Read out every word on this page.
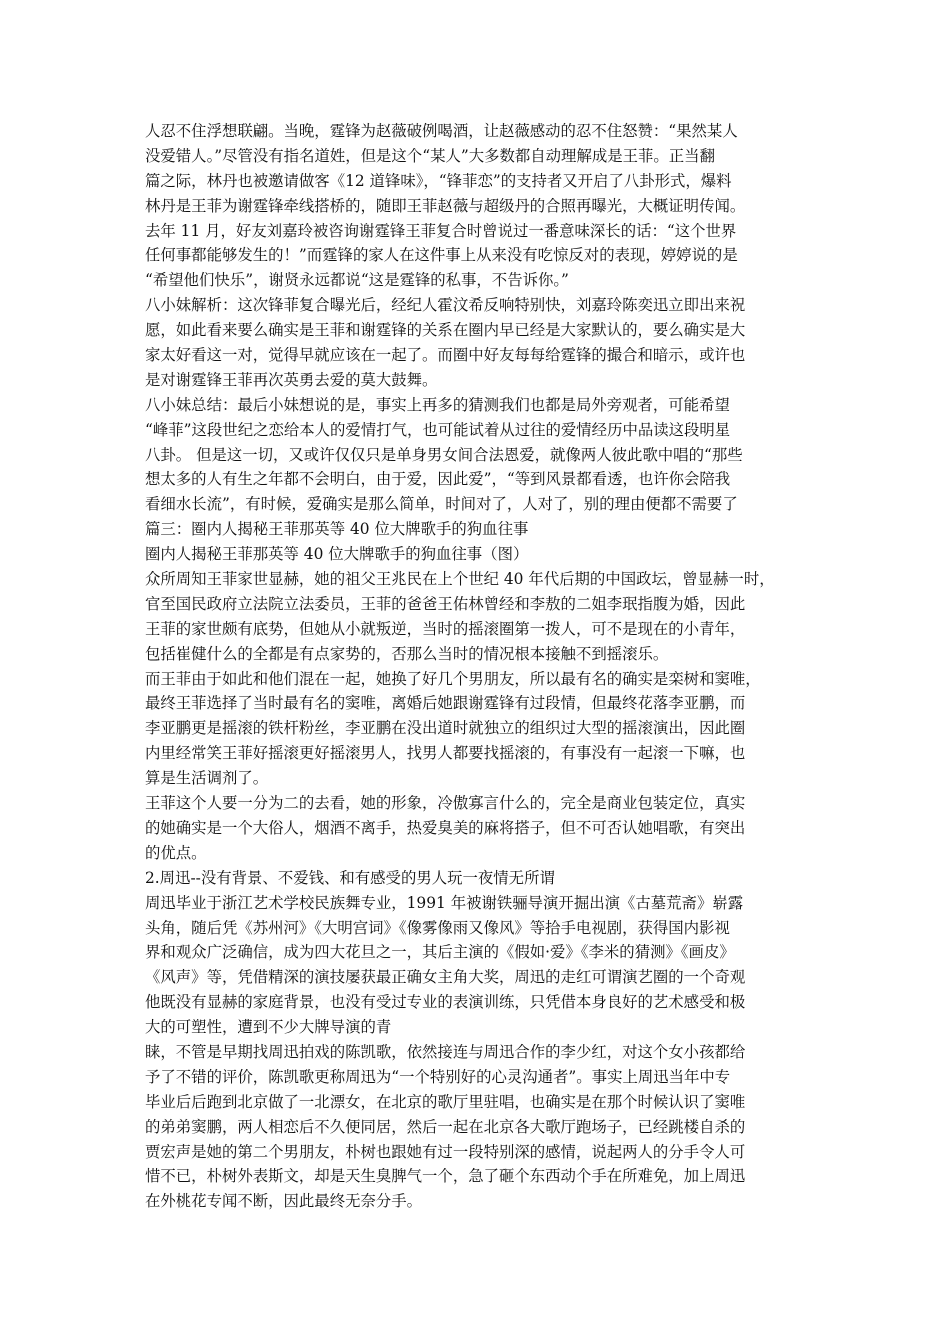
人忍不住浮想联翩。当晚，霆锋为赵薇破例喝酒，让赵薇感动的忍不住怒赞：“果然某人
没爱错人。”尽管没有指名道姓，但是这个“某人”大多数都自动理解成是王菲。正当翻
篇之际，林丹也被邀请做客《12 道锋味》，“锋菲恋”的支持者又开启了八卦形式，爆料
林丹是王菲为谢霆锋牵线搭桥的，随即王菲赵薇与超级丹的合照再曝光，大概证明传闻。
去年 11 月，好友刘嘉玲被咨询谢霆锋王菲复合时曾说过一番意味深长的话：“这个世界
任何事都能够发生的！”而霆锋的家人在这件事上从来没有吃惊反对的表现，婷婷说的是
“希望他们快乐”，谢贤永远都说“这是霆锋的私事，不告诉你。”
八小妹解析：这次锋菲复合曝光后，经纪人霍汶希反响特别快，刘嘉玲陈奕迅立即出来祝
愿，如此看来要么确实是王菲和谢霆锋的关系在圈内早已经是大家默认的，要么确实是大
家太好看这一对，觉得早就应该在一起了。而圈中好友每每给霆锋的撮合和暗示，或许也
是对谢霆锋王菲再次英勇去爱的莫大鼓舞。
八小妹总结：最后小妹想说的是，事实上再多的猜测我们也都是局外旁观者，可能希望
“峰菲”这段世纪之恋给本人的爱情打气，也可能试着从过往的爱情经历中品读这段明星
八卦。 但是这一切，又或许仅仅只是单身男女间合法恩爱，就像两人彼此歌中唱的“那些
想太多的人有生之年都不会明白，由于爱，因此爱”，“等到风景都看透，也许你会陪我
看细水长流”，有时候，爱确实是那么简单，时间对了，人对了，别的理由便都不需要了
篇三：圈内人揭秘王菲那英等 40 位大牌歌手的狗血往事
圈内人揭秘王菲那英等 40 位大牌歌手的狗血往事（图）
众所周知王菲家世显赫，她的祖父王兆民在上个世纪 40 年代后期的中国政坛，曾显赫一时，
官至国民政府立法院立法委员，王菲的爸爸王佑林曾经和李敖的二姐李珉指腹为婚，因此
王菲的家世颇有底势，但她从小就叛逆，当时的摇滚圈第一拨人，可不是现在的小青年，
包括崔健什么的全都是有点家势的，否那么当时的情况根本接触不到摇滚乐。
而王菲由于如此和他们混在一起，她换了好几个男朋友，所以最有名的确实是栾树和窦唯，
最终王菲选择了当时最有名的窦唯，离婚后她跟谢霆锋有过段情，但最终花落李亚鹏，而
李亚鹏更是摇滚的铁杆粉丝，李亚鹏在没出道时就独立的组织过大型的摇滚演出，因此圈
内里经常笑王菲好摇滚更好摇滚男人，找男人都要找摇滚的，有事没有一起滚一下嘛，也
算是生活调剂了。
王菲这个人要一分为二的去看，她的形象，冷傲寡言什么的，完全是商业包装定位，真实
的她确实是一个大俗人，烟酒不离手，热爱臭美的麻将搭子，但不可否认她唱歌，有突出
的优点。
2.周迅--没有背景、不爱钱、和有感受的男人玩一夜情无所谓
周迅毕业于浙江艺术学校民族舞专业，1991 年被谢铁骊导演开掘出演《古墓荒斋》崭露
头角，随后凭《苏州河》《大明宫词》《像雾像雨又像风》等拾手电视剧，获得国内影视
界和观众广泛确信，成为四大花旦之一，其后主演的《假如·爱》《李米的猜测》《画皮》
《风声》等，凭借精深的演技屡获最正确女主角大奖，周迅的走红可谓演艺圈的一个奇观
他既没有显赫的家庭背景，也没有受过专业的表演训练，只凭借本身良好的艺术感受和极
大的可塑性，遭到不少大牌导演的青
睐，不管是早期找周迅拍戏的陈凯歌，依然接连与周迅合作的李少红，对这个女小孩都给
予了不错的评价，陈凯歌更称周迅为“一个特别好的心灵沟通者”。事实上周迅当年中专
毕业后后跑到北京做了一北漂女，在北京的歌厅里驻唱，也确实是在那个时候认识了窦唯
的弟弟窦鹏，两人相恋后不久便同居，然后一起在北京各大歌厅跑场子，已经跳楼自杀的
贾宏声是她的第二个男朋友，朴树也跟她有过一段特别深的感情，说起两人的分手令人可
惜不已，朴树外表斯文，却是天生臭脾气一个，急了砸个东西动个手在所难免，加上周迅
在外桃花专闻不断，因此最终无奈分手。
